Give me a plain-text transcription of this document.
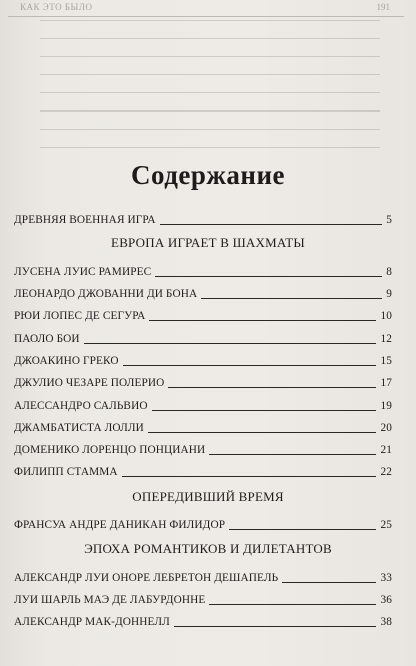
КАК ЭТО БЫЛО	191
Содержание
ДРЕВНЯЯ ВОЕННАЯ ИГРА	5
ЕВРОПА ИГРАЕТ В ШАХМАТЫ
ЛУСЕНА ЛУИС РАМИРЕС	8
ЛЕОНАРДО ДЖОВАННИ ДИ БОНА	9
РЮИ ЛОПЕС ДЕ СЕГУРА	10
ПАОЛО БОИ	12
ДЖОАКИНО ГРЕКО	15
ДЖУЛИО ЧЕЗАРЕ ПОЛЕРИО	17
АЛЕССАНДРО САЛЬВИО	19
ДЖАМБАТИСТА ЛОЛЛИ	20
ДОМЕНИКО ЛОРЕНЦО ПОНЦИАНИ	21
ФИЛИПП СТАММА	22
ОПЕРЕДИВШИЙ ВРЕМЯ
ФРАНСУА АНДРЕ ДАНИКАН ФИЛИДОР	25
ЭПОХА РОМАНТИКОВ И ДИЛЕТАНТОВ
АЛЕКСАНДР ЛУИ ОНОРЕ ЛЕБРЕТОН ДЕШАПЕЛЬ	33
ЛУИ ШАРЛЬ МАЭ ДЕ ЛАБУРДОННЕ	36
АЛЕКСАНДР МАК-ДОННЕЛЛ	38
